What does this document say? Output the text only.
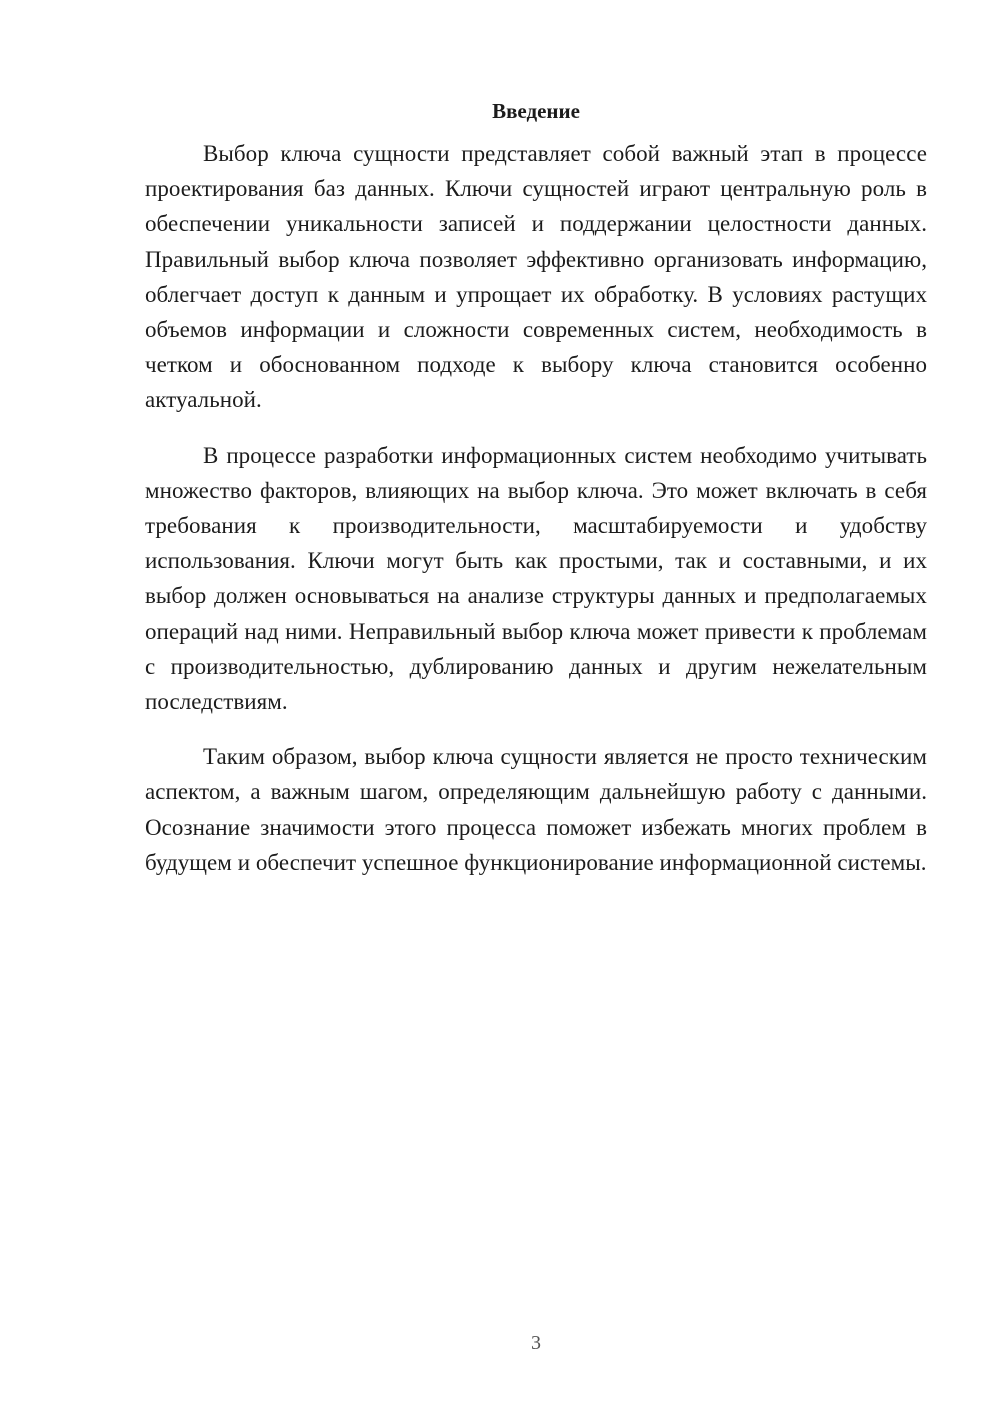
Введение

Выбор ключа сущности представляет собой важный этап в процессе проектирования баз данных. Ключи сущностей играют центральную роль в обеспечении уникальности записей и поддержании целостности данных. Правильный выбор ключа позволяет эффективно организовать информацию, облегчает доступ к данным и упрощает их обработку. В условиях растущих объемов информации и сложности современных систем, необходимость в четком и обоснованном подходе к выбору ключа становится особенно актуальной.

В процессе разработки информационных систем необходимо учитывать множество факторов, влияющих на выбор ключа. Это может включать в себя требования к производительности, масштабируемости и удобству использования. Ключи могут быть как простыми, так и составными, и их выбор должен основываться на анализе структуры данных и предполагаемых операций над ними. Неправильный выбор ключа может привести к проблемам с производительностью, дублированию данных и другим нежелательным последствиям.

Таким образом, выбор ключа сущности является не просто техническим аспектом, а важным шагом, определяющим дальнейшую работу с данными. Осознание значимости этого процесса поможет избежать многих проблем в будущем и обеспечит успешное функционирование информационной системы.

3
